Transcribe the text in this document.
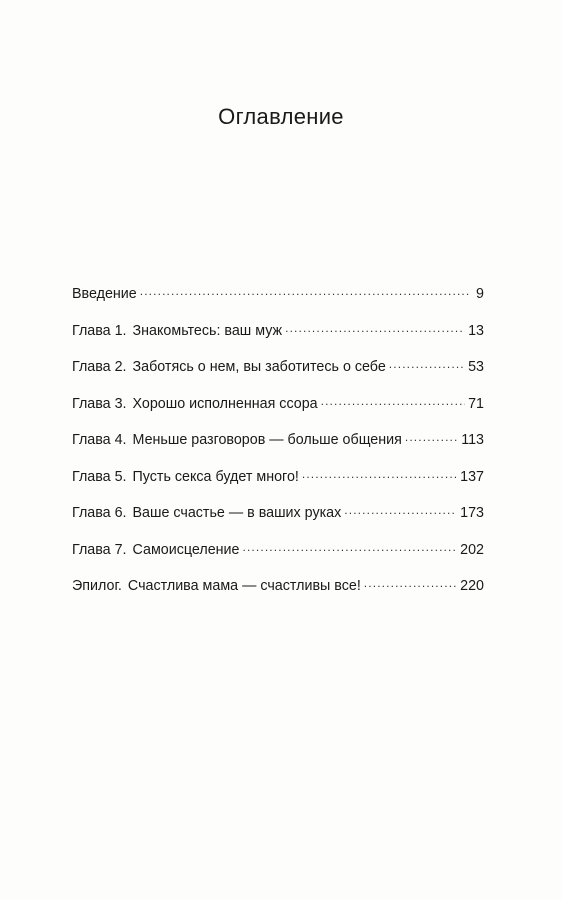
Оглавление
Введение . . .	9
Глава 1. Знакомьтесь: ваш муж . . .	13
Глава 2. Заботясь о нем, вы заботитесь о себе . . .	53
Глава 3. Хорошо исполненная ссора . . .	71
Глава 4. Меньше разговоров — больше общения . . .	113
Глава 5. Пусть секса будет много! . . .	137
Глава 6. Ваше счастье — в ваших руках . . .	173
Глава 7. Самоисцеление . . .	202
Эпилог. Счастлива мама — счастливы все! . . .	220
